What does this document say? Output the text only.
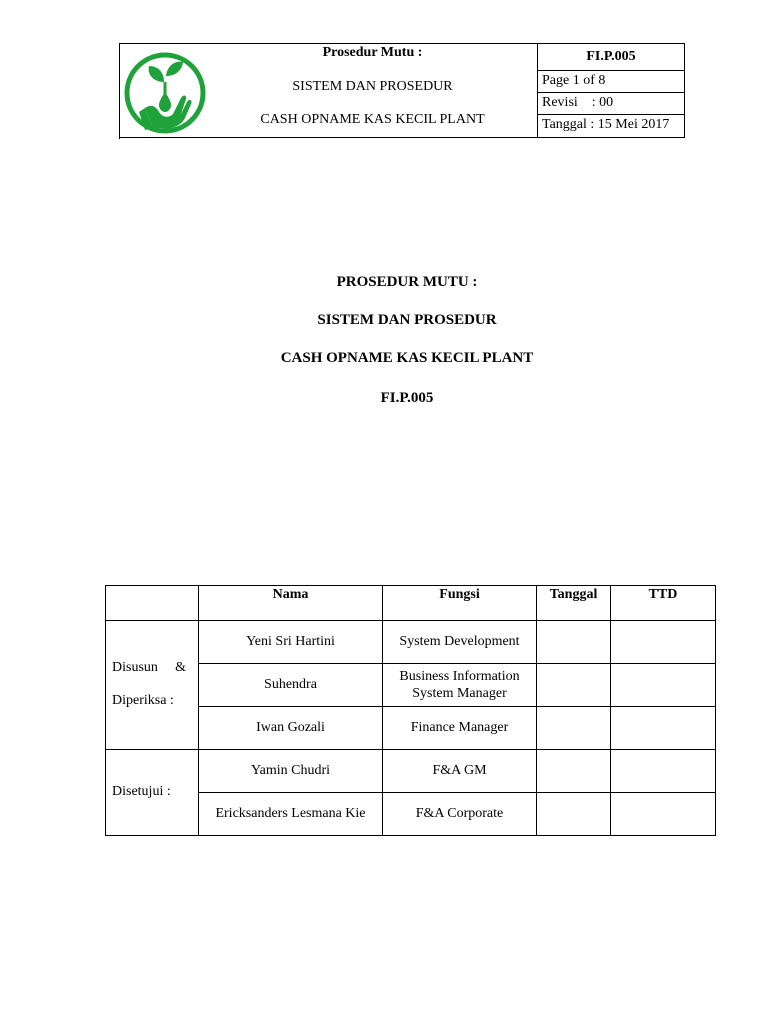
Prosedur Mutu :
SISTEM DAN PROSEDUR
CASH OPNAME KAS KECIL PLANT
FI.P.005
Page 1 of 8
Revisi    : 00
Tanggal : 15 Mei 2017
PROSEDUR MUTU :
SISTEM DAN PROSEDUR
CASH OPNAME KAS KECIL PLANT
FI.P.005
	Nama	Fungsi	Tanggal	TTD

Disusun &
Diperiksa :	Yeni Sri Hartini	System Development		
	Suhendra	Business Information
System Manager		

	Iwan Gozali	Finance Manager		
Disetujui :	Yamin Chudri	F&A GM		
	Ericksanders Lesmana Kie	F&A Corporate		
